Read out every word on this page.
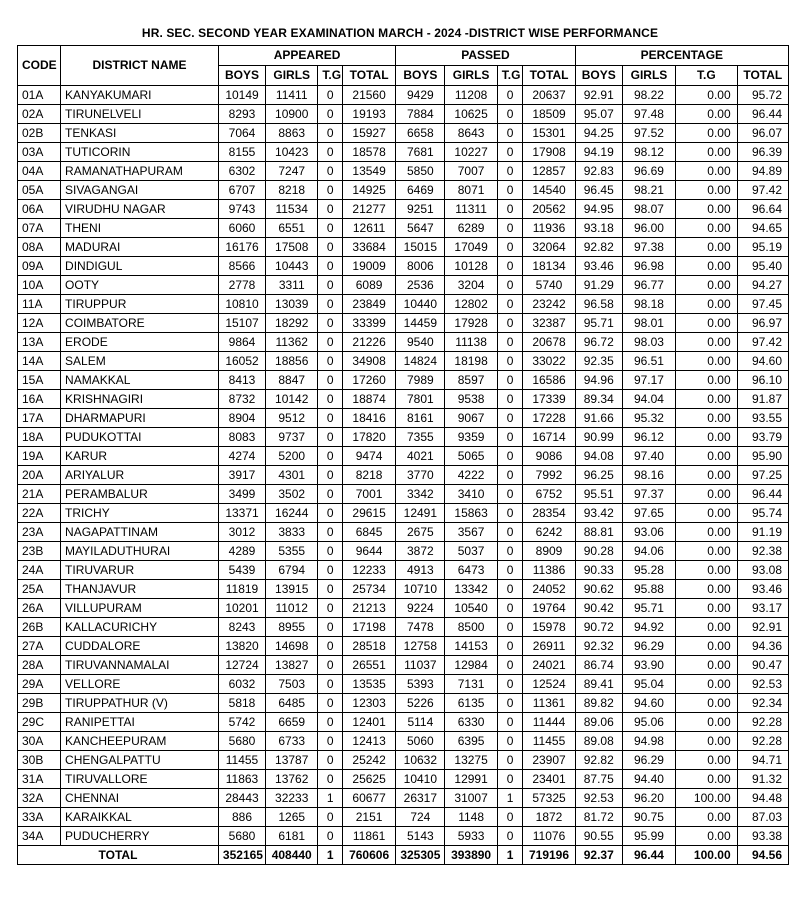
HR. SEC. SECOND YEAR EXAMINATION MARCH - 2024 -DISTRICT WISE PERFORMANCE
CODE	DISTRICT NAME	APPEARED				PASSED				PERCENTAGE			
		BOYS	GIRLS	T.G	TOTAL	BOYS	GIRLS	T.G	TOTAL	BOYS	GIRLS	T.G	TOTAL
01A	KANYAKUMARI	10149	11411	0	21560	9429	11208	0	20637	92.91	98.22	0.00	95.72
02A	TIRUNELVELI	8293	10900	0	19193	7884	10625	0	18509	95.07	97.48	0.00	96.44
02B	TENKASI	7064	8863	0	15927	6658	8643	0	15301	94.25	97.52	0.00	96.07
03A	TUTICORIN	8155	10423	0	18578	7681	10227	0	17908	94.19	98.12	0.00	96.39
04A	RAMANATHAPURAM	6302	7247	0	13549	5850	7007	0	12857	92.83	96.69	0.00	94.89
05A	SIVAGANGAI	6707	8218	0	14925	6469	8071	0	14540	96.45	98.21	0.00	97.42
06A	VIRUDHU NAGAR	9743	11534	0	21277	9251	11311	0	20562	94.95	98.07	0.00	96.64
07A	THENI	6060	6551	0	12611	5647	6289	0	11936	93.18	96.00	0.00	94.65
08A	MADURAI	16176	17508	0	33684	15015	17049	0	32064	92.82	97.38	0.00	95.19
09A	DINDIGUL	8566	10443	0	19009	8006	10128	0	18134	93.46	96.98	0.00	95.40
10A	OOTY	2778	3311	0	6089	2536	3204	0	5740	91.29	96.77	0.00	94.27
11A	TIRUPPUR	10810	13039	0	23849	10440	12802	0	23242	96.58	98.18	0.00	97.45
12A	COIMBATORE	15107	18292	0	33399	14459	17928	0	32387	95.71	98.01	0.00	96.97
13A	ERODE	9864	11362	0	21226	9540	11138	0	20678	96.72	98.03	0.00	97.42
14A	SALEM	16052	18856	0	34908	14824	18198	0	33022	92.35	96.51	0.00	94.60
15A	NAMAKKAL	8413	8847	0	17260	7989	8597	0	16586	94.96	97.17	0.00	96.10
16A	KRISHNAGIRI	8732	10142	0	18874	7801	9538	0	17339	89.34	94.04	0.00	91.87
17A	DHARMAPURI	8904	9512	0	18416	8161	9067	0	17228	91.66	95.32	0.00	93.55
18A	PUDUKOTTAI	8083	9737	0	17820	7355	9359	0	16714	90.99	96.12	0.00	93.79
19A	KARUR	4274	5200	0	9474	4021	5065	0	9086	94.08	97.40	0.00	95.90
20A	ARIYALUR	3917	4301	0	8218	3770	4222	0	7992	96.25	98.16	0.00	97.25
21A	PERAMBALUR	3499	3502	0	7001	3342	3410	0	6752	95.51	97.37	0.00	96.44
22A	TRICHY	13371	16244	0	29615	12491	15863	0	28354	93.42	97.65	0.00	95.74
23A	NAGAPATTINAM	3012	3833	0	6845	2675	3567	0	6242	88.81	93.06	0.00	91.19
23B	MAYILADUTHURAI	4289	5355	0	9644	3872	5037	0	8909	90.28	94.06	0.00	92.38
24A	TIRUVARUR	5439	6794	0	12233	4913	6473	0	11386	90.33	95.28	0.00	93.08
25A	THANJAVUR	11819	13915	0	25734	10710	13342	0	24052	90.62	95.88	0.00	93.46
26A	VILLUPURAM	10201	11012	0	21213	9224	10540	0	19764	90.42	95.71	0.00	93.17
26B	KALLACURICHY	8243	8955	0	17198	7478	8500	0	15978	90.72	94.92	0.00	92.91
27A	CUDDALORE	13820	14698	0	28518	12758	14153	0	26911	92.32	96.29	0.00	94.36
28A	TIRUVANNAMALAI	12724	13827	0	26551	11037	12984	0	24021	86.74	93.90	0.00	90.47
29A	VELLORE	6032	7503	0	13535	5393	7131	0	12524	89.41	95.04	0.00	92.53
29B	TIRUPPATHUR (V)	5818	6485	0	12303	5226	6135	0	11361	89.82	94.60	0.00	92.34
29C	RANIPETTAI	5742	6659	0	12401	5114	6330	0	11444	89.06	95.06	0.00	92.28
30A	KANCHEEPURAM	5680	6733	0	12413	5060	6395	0	11455	89.08	94.98	0.00	92.28
30B	CHENGALPATTU	11455	13787	0	25242	10632	13275	0	23907	92.82	96.29	0.00	94.71
31A	TIRUVALLORE	11863	13762	0	25625	10410	12991	0	23401	87.75	94.40	0.00	91.32
32A	CHENNAI	28443	32233	1	60677	26317	31007	1	57325	92.53	96.20	100.00	94.48
33A	KARAIKKAL	886	1265	0	2151	724	1148	0	1872	81.72	90.75	0.00	87.03
34A	PUDUCHERRY	5680	6181	0	11861	5143	5933	0	11076	90.55	95.99	0.00	93.38
TOTAL		352165	408440	1	760606	325305	393890	1	719196	92.37	96.44	100.00	94.56
